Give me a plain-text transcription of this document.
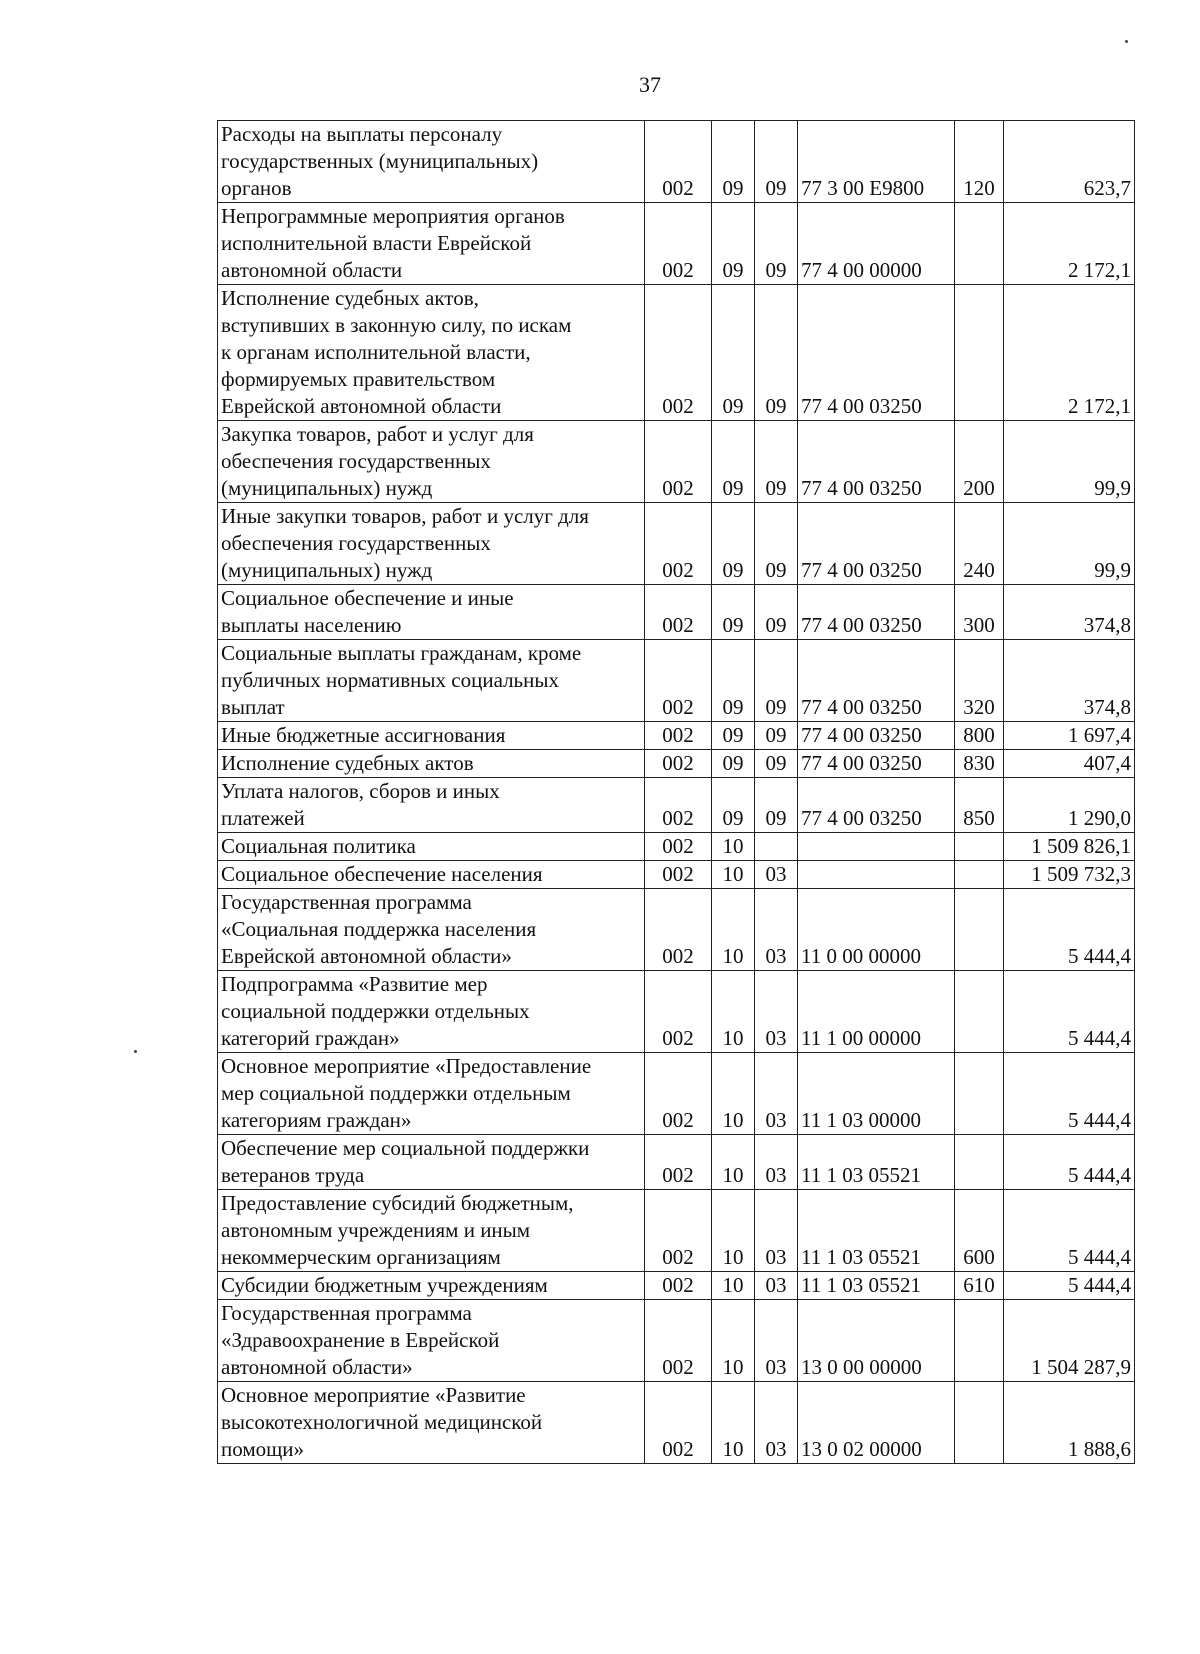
37
Расходы на выплаты персоналу
государственных (муниципальных)
органов	002	09	09	77 3 00 E9800	120	623,7

Непрограммные мероприятия органов
исполнительной власти Еврейской
автономной области	002	09	09	77 4 00 00000		2 172,1

Исполнение судебных актов,
вступивших в законную силу, по искам
к органам исполнительной власти,
формируемых правительством
Еврейской автономной области	002	09	09	77 4 00 03250		2 172,1

Закупка товаров, работ и услуг для
обеспечения государственных
(муниципальных) нужд	002	09	09	77 4 00 03250	200	99,9

Иные закупки товаров, работ и услуг для
обеспечения государственных
(муниципальных) нужд	002	09	09	77 4 00 03250	240	99,9

Социальное обеспечение и иные
выплаты населению	002	09	09	77 4 00 03250	300	374,8

Социальные выплаты гражданам, кроме
публичных нормативных социальных
выплат	002	09	09	77 4 00 03250	320	374,8

Иные бюджетные ассигнования	002	09	09	77 4 00 03250	800	1 697,4

Исполнение судебных актов	002	09	09	77 4 00 03250	830	407,4

Уплата налогов, сборов и иных
платежей	002	09	09	77 4 00 03250	850	1 290,0

Социальная политика	002	10				1 509 826,1

Социальное обеспечение населения	002	10	03			1 509 732,3

Государственная программа
«Социальная поддержка населения
Еврейской автономной области»	002	10	03	11 0 00 00000		5 444,4

Подпрограмма «Развитие мер
социальной поддержки отдельных
категорий граждан»	002	10	03	11 1 00 00000		5 444,4

Основное мероприятие «Предоставление
мер социальной поддержки отдельным
категориям граждан»	002	10	03	11 1 03 00000		5 444,4

Обеспечение мер социальной поддержки
ветеранов труда	002	10	03	11 1 03 05521		5 444,4

Предоставление субсидий бюджетным,
автономным учреждениям и иным
некоммерческим организациям	002	10	03	11 1 03 05521	600	5 444,4

Субсидии бюджетным учреждениям	002	10	03	11 1 03 05521	610	5 444,4

Государственная программа
«Здравоохранение в Еврейской
автономной области»	002	10	03	13 0 00 00000		1 504 287,9

Основное мероприятие «Развитие
высокотехнологичной медицинской
помощи»	002	10	03	13 0 02 00000		1 888,6
